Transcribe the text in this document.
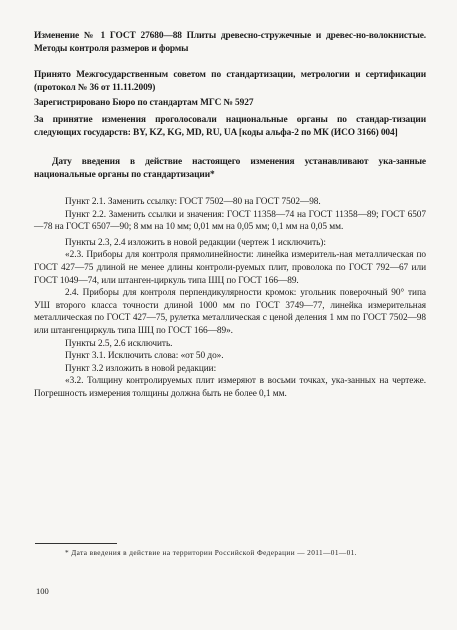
Изменение № 1 ГОСТ 27680—88 Плиты древесно-стружечные и древес-но-волокнистые. Методы контроля размеров и формы
Принято Межгосударственным советом по стандартизации, метрологии и сертификации (протокол № 36 от 11.11.2009)
Зарегистрировано Бюро по стандартам МГС № 5927
За принятие изменения проголосовали национальные органы по стандар-тизации следующих государств: BY, KZ, KG, MD, RU, UA [коды альфа-2 по МК (ИСО 3166) 004]
Дату введения в действие настоящего изменения устанавливают ука-занные национальные органы по стандартизации*

Пункт 2.1. Заменить ссылку: ГОСТ 7502—80 на ГОСТ 7502—98.

Пункт 2.2. Заменить ссылки и значения: ГОСТ 11358—74 на ГОСТ 11358—89; ГОСТ 6507—78 на ГОСТ 6507—90; 8 мм на 10 мм; 0,01 мм на 0,05 мм; 0,1 мм на 0,05 мм.

Пункты 2.3, 2.4 изложить в новой редакции (чертеж 1 исключить):

«2.3. Приборы для контроля прямолинейности: линейка измеритель-ная металлическая по ГОСТ 427—75 длиной не менее длины контроли-руемых плит, проволока по ГОСТ 792—67 или ГОСТ 1049—74, или штанген-циркуль типа ШЦ по ГОСТ 166—89.

2.4. Приборы для контроля перпендикулярности кромок: угольник поверочный 90° типа УШ второго класса точности длиной 1000 мм по ГОСТ 3749—77, линейка измерительная металлическая по ГОСТ 427—75, рулетка металлическая с ценой деления 1 мм по ГОСТ 7502—98 или штангенциркуль типа ШЦ по ГОСТ 166—89».

Пункты 2.5, 2.6 исключить.

Пункт 3.1. Исключить слова: «от 50 до».

Пункт 3.2 изложить в новой редакции:

«3.2. Толщину контролируемых плит измеряют в восьми точках, ука-занных на чертеже. Погрешность измерения толщины должна быть не более 0,1 мм.

* Дата введения в действие на территории Российской Федерации — 2011—01—01.
100
